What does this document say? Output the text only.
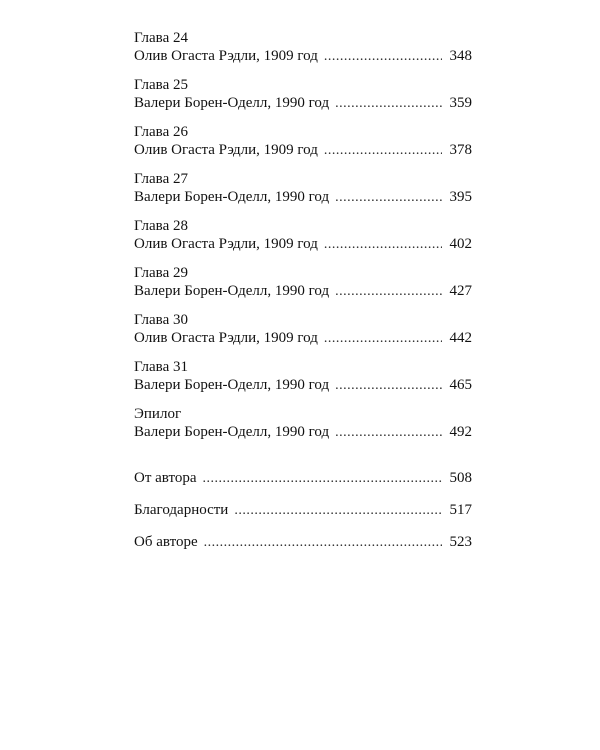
Глава 24
Олив Огаста Рэдли, 1909 год . . .	348
Глава 25
Валери Борен-Оделл, 1990 год . . .	359
Глава 26
Олив Огаста Рэдли, 1909 год . . .	378
Глава 27
Валери Борен-Оделл, 1990 год . . .	395
Глава 28
Олив Огаста Рэдли, 1909 год . . .	402
Глава 29
Валери Борен-Оделл, 1990 год . . .	427
Глава 30
Олив Огаста Рэдли, 1909 год . . .	442
Глава 31
Валери Борен-Оделл, 1990 год . . .	465
Эпилог
Валери Борен-Оделл, 1990 год . . .	492
От автора . . .	508
Благодарности . . .	517
Об авторе . . .	523
